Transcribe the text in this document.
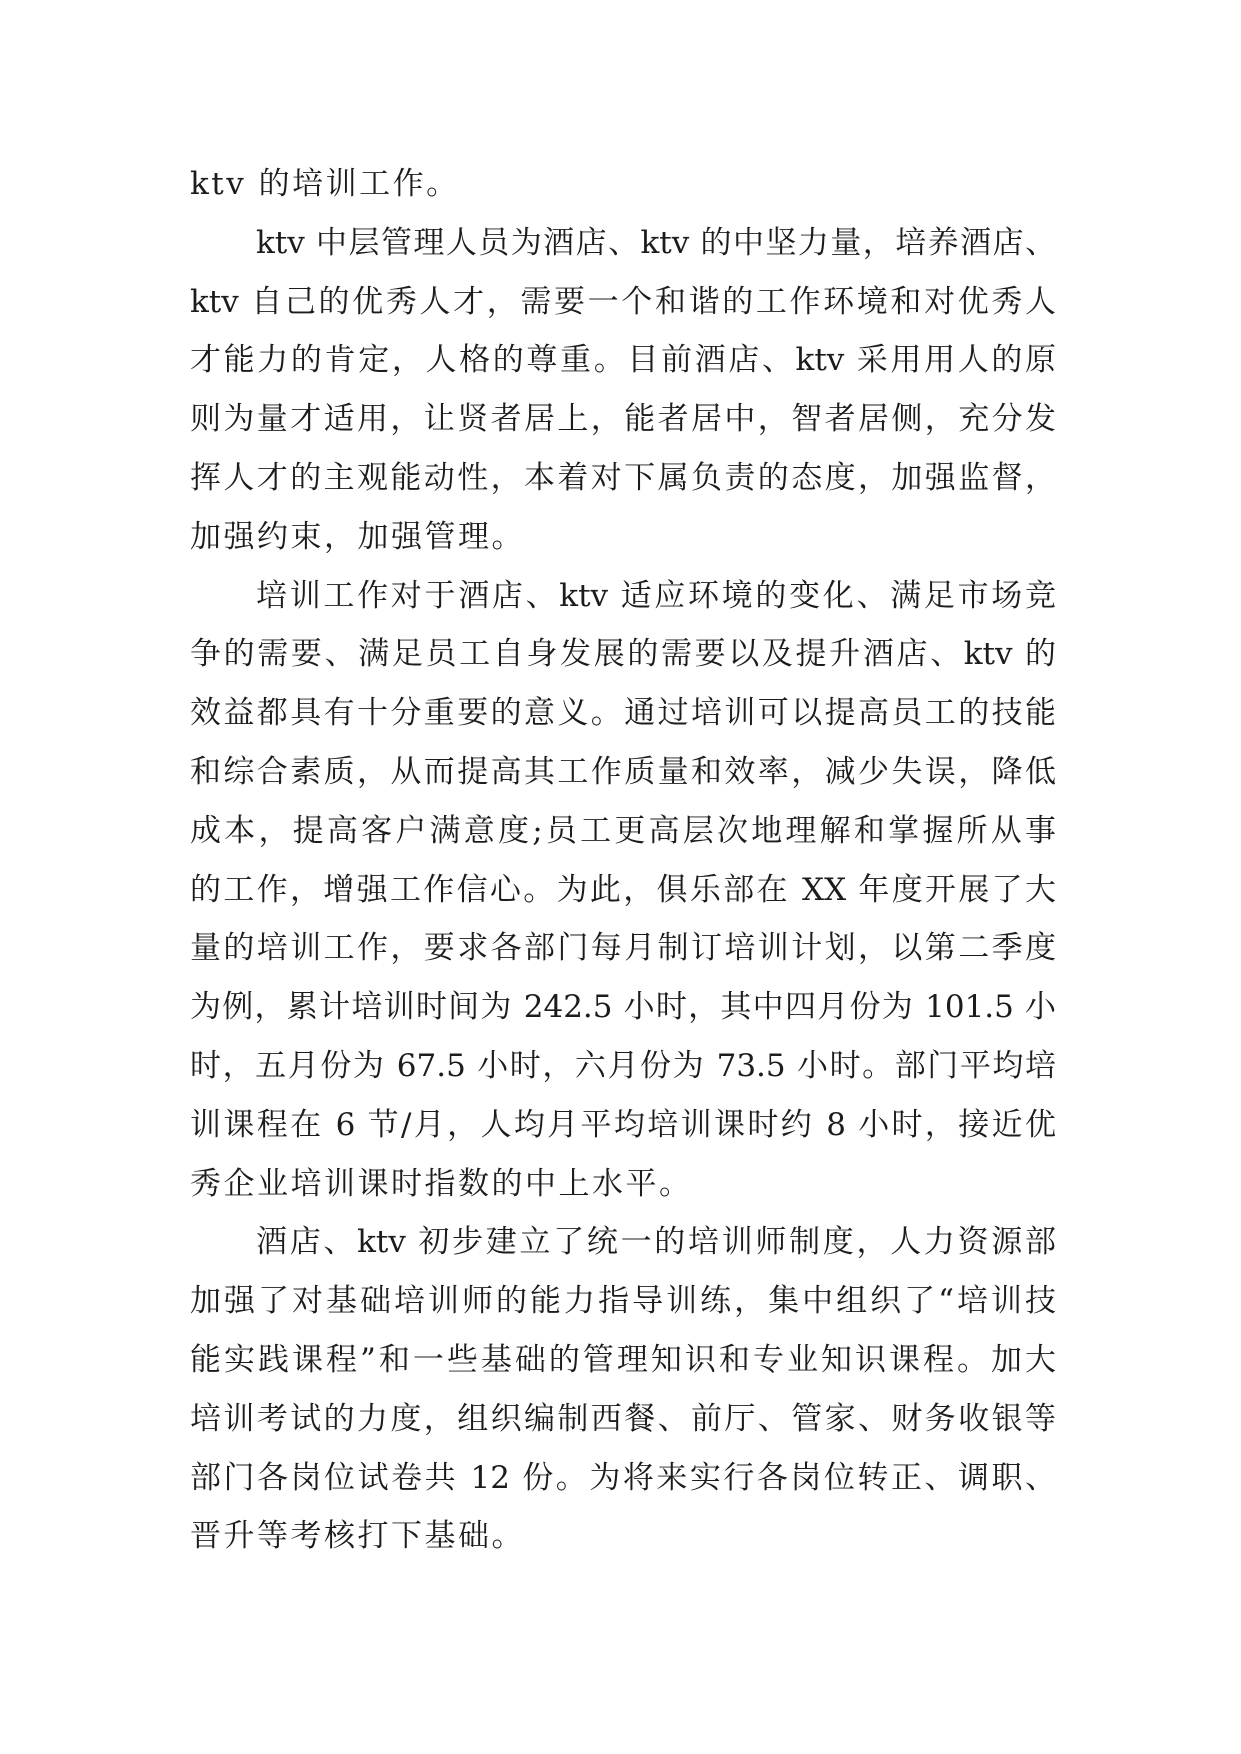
ktv 的培训工作。
ktv 中层管理人员为酒店、ktv 的中坚力量，培养酒店、
ktv 自己的优秀人才，需要一个和谐的工作环境和对优秀人
才能力的肯定，人格的尊重。目前酒店、ktv 采用用人的原
则为量才适用，让贤者居上，能者居中，智者居侧，充分发
挥人才的主观能动性，本着对下属负责的态度，加强监督，
加强约束，加强管理。
培训工作对于酒店、ktv 适应环境的变化、满足市场竞
争的需要、满足员工自身发展的需要以及提升酒店、ktv 的
效益都具有十分重要的意义。通过培训可以提高员工的技能
和综合素质，从而提高其工作质量和效率，减少失误，降低
成本，提高客户满意度;员工更高层次地理解和掌握所从事
的工作，增强工作信心。为此，俱乐部在 XX 年度开展了大
量的培训工作，要求各部门每月制订培训计划，以第二季度
为例，累计培训时间为 242.5 小时，其中四月份为 101.5 小
时，五月份为 67.5 小时，六月份为 73.5 小时。部门平均培
训课程在 6 节/月，人均月平均培训课时约 8 小时，接近优
秀企业培训课时指数的中上水平。
酒店、ktv 初步建立了统一的培训师制度，人力资源部
加强了对基础培训师的能力指导训练，集中组织了“培训技
能实践课程”和一些基础的管理知识和专业知识课程。加大
培训考试的力度，组织编制西餐、前厅、管家、财务收银等
部门各岗位试卷共 12 份。为将来实行各岗位转正、调职、
晋升等考核打下基础。
